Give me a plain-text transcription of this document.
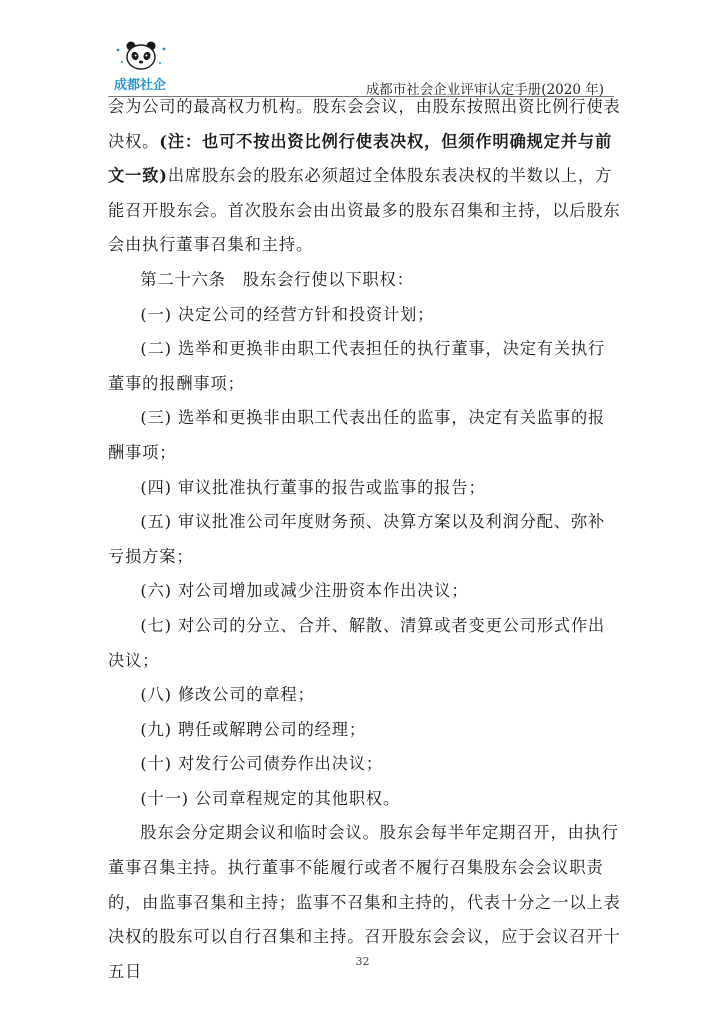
成都社企	成都市社会企业评审认定手册(2020 年)

会为公司的最高权力机构。股东会会议，由股东按照出资比例行使表决权。(注：也可不按出资比例行使表决权，但须作明确规定并与前文一致)出席股东会的股东必须超过全体股东表决权的半数以上，方能召开股东会。首次股东会由出资最多的股东召集和主持，以后股东会由执行董事召集和主持。

第二十六条　股东会行使以下职权：

(一) 决定公司的经营方针和投资计划；

(二) 选举和更换非由职工代表担任的执行董事，决定有关执行董事的报酬事项；

(三) 选举和更换非由职工代表出任的监事，决定有关监事的报酬事项；

(四) 审议批准执行董事的报告或监事的报告；

(五) 审议批准公司年度财务预、决算方案以及利润分配、弥补亏损方案；

(六) 对公司增加或减少注册资本作出决议；

(七) 对公司的分立、合并、解散、清算或者变更公司形式作出决议；

(八) 修改公司的章程；

(九) 聘任或解聘公司的经理；

(十) 对发行公司债券作出决议；

(十一) 公司章程规定的其他职权。

股东会分定期会议和临时会议。股东会每半年定期召开，由执行董事召集主持。执行董事不能履行或者不履行召集股东会会议职责的，由监事召集和主持；监事不召集和主持的，代表十分之一以上表决权的股东可以自行召集和主持。召开股东会会议，应于会议召开十五日

32
